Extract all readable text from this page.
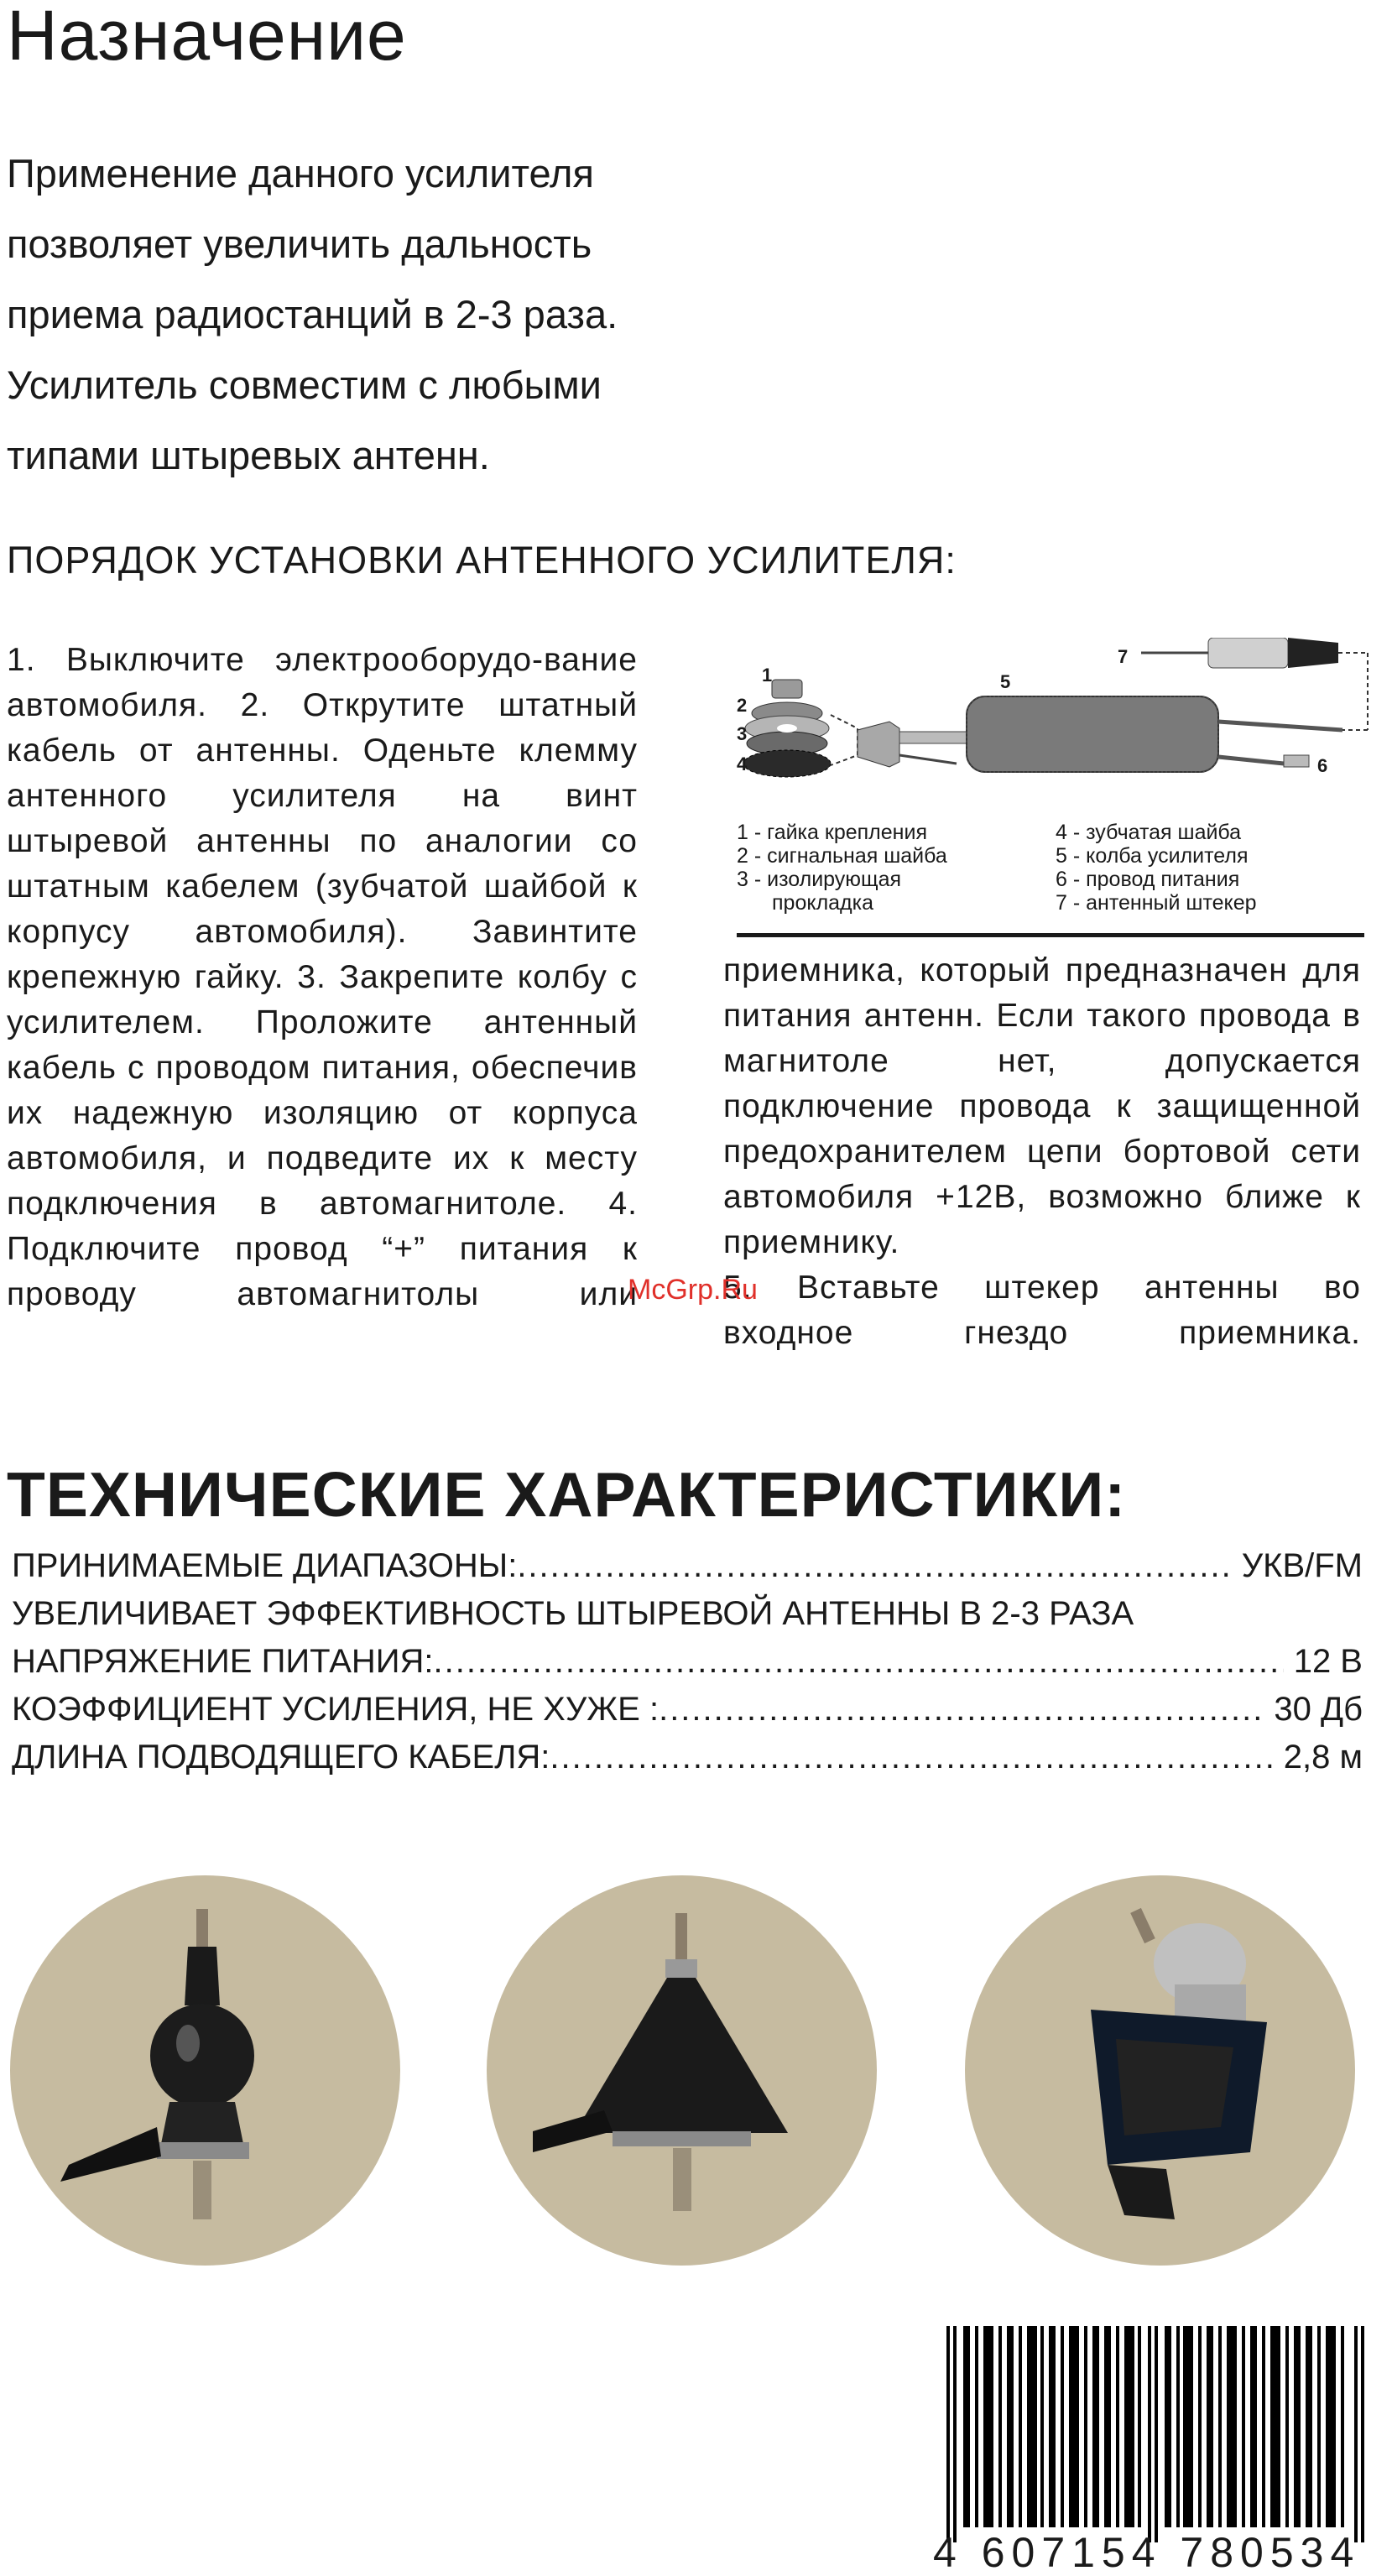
Назначение
Применение данного усилителя
позволяет увеличить дальность
приема радиостанций в 2-3 раза.
Усилитель совместим с любыми
типами штыревых антенн.
ПОРЯДОК УСТАНОВКИ АНТЕННОГО УСИЛИТЕЛЯ:

1. Выключите электрооборудо-вание автомобиля. 2. Открутите штатный кабель от антенны. Оденьте клемму антенного усилителя на винт штыревой антенны по аналогии со штатным кабелем (зубчатой шайбой к корпусу автомобиля). Завинтите крепежную гайку. 3. Закрепите колбу с усилителем. Проложите антенный кабель с проводом питания, обеспечив их надежную изоляцию от корпуса автомобиля, и подведите их к месту подключения в автомагнитоле. 4. Подключите провод “+” питания к проводу автомагнитолы или

1
2
3
4
5
6
7
1 - гайка крепления
2 - сигнальная шайба
3 - изолирующая
прокладка
4 - зубчатая шайба
5 - колба усилителя
6 - провод питания
7 - антенный штекер

приемника, который предназначен для питания антенн. Если такого провода в магнитоле нет, допускается подключение провода к защищенной предохранителем цепи бортовой сети автомобиля +12В, возможно ближе к приемнику.

5. Вставьте штекер антенны во входное гнездо приемника.

McGrp.Ru
ТЕХНИЧЕСКИЕ ХАРАКТЕРИСТИКИ:
ПРИНИМАЕМЫЕ ДИАПАЗОНЫ: .....	УКВ/FM
УВЕЛИЧИВАЕТ ЭФФЕКТИВНОСТЬ ШТЫРЕВОЙ АНТЕННЫ В 2-3 РАЗА
НАПРЯЖЕНИЕ ПИТАНИЯ: .....	12 В
КОЭФФИЦИЕНТ УСИЛЕНИЯ, НЕ ХУЖЕ : .....	30 Дб
ДЛИНА ПОДВОДЯЩЕГО КАБЕЛЯ: .....	2,8 м
4 607154 780534
